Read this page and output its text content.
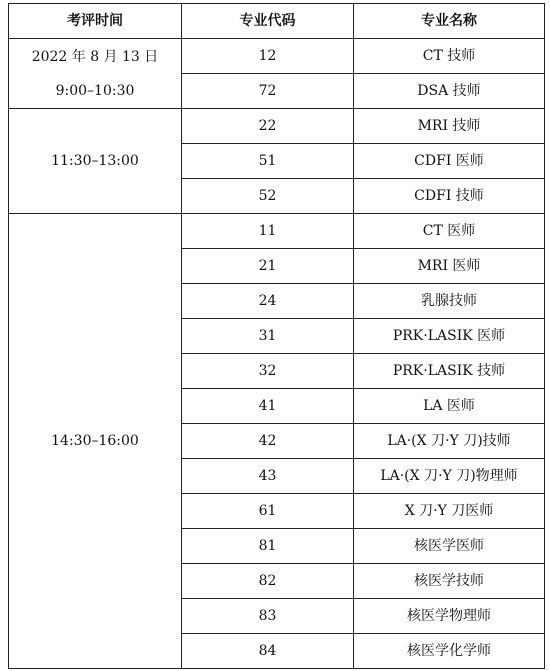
考评时间	专业代码	专业名称

2022 年 8 月 13 日
9:00–10:30	12	CT 技师
	72	DSA 技师

11:30–13:00	22	MRI 技师
	51	CDFI 医师
	52	CDFI 技师

14:30–16:00	11	CT 医师
	21	MRI 医师
	24	乳腺技师
	31	PRK·LASIK 医师
	32	PRK·LASIK 技师
	41	LA 医师
	42	LA·(X 刀·Y 刀)技师
	43	LA·(X 刀·Y 刀)物理师
	61	X 刀·Y 刀医师
	81	核医学医师
	82	核医学技师
	83	核医学物理师
	84	核医学化学师
